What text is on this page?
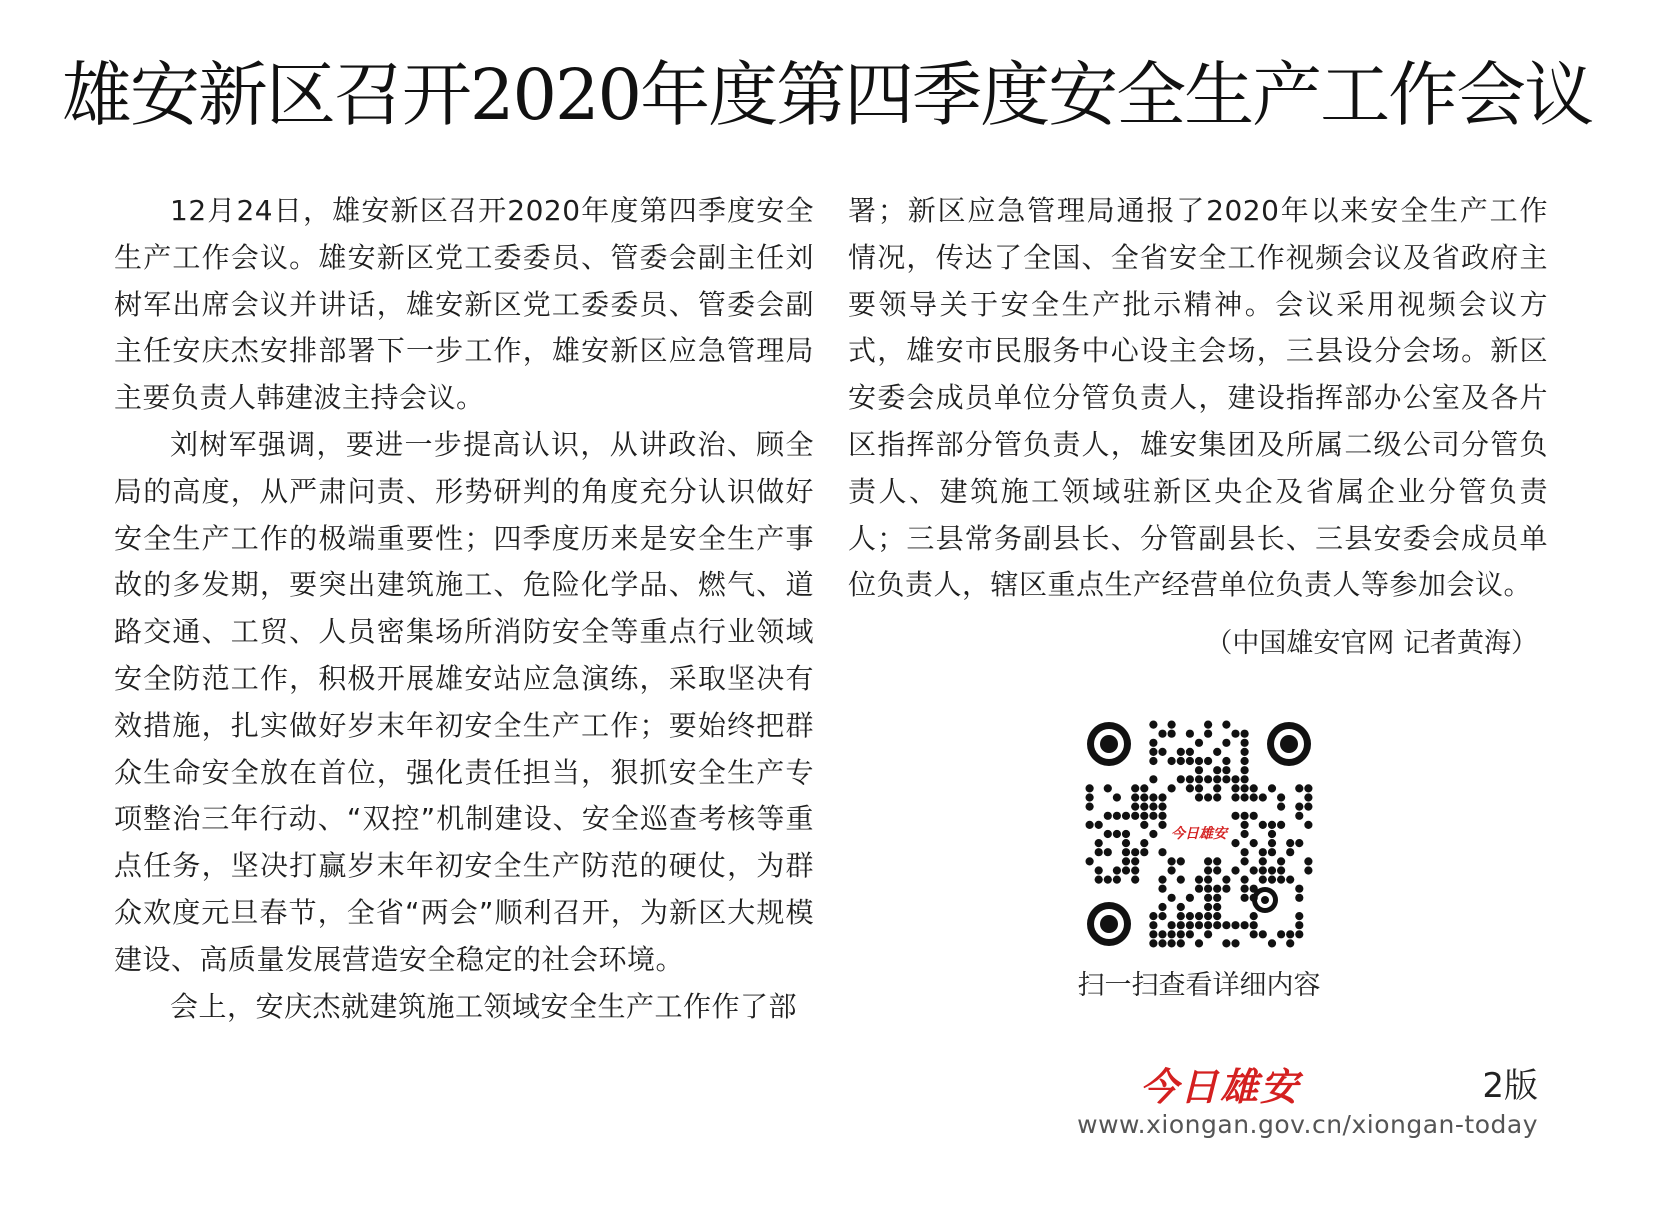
雄安新区召开2020年度第四季度安全生产工作会议

12月24日，雄安新区召开2020年度第四季度安全生产工作会议。雄安新区党工委委员、管委会副主任刘树军出席会议并讲话，雄安新区党工委委员、管委会副主任安庆杰安排部署下一步工作，雄安新区应急管理局主要负责人韩建波主持会议。

刘树军强调，要进一步提高认识，从讲政治、顾全局的高度，从严肃问责、形势研判的角度充分认识做好安全生产工作的极端重要性；四季度历来是安全生产事故的多发期，要突出建筑施工、危险化学品、燃气、道路交通、工贸、人员密集场所消防安全等重点行业领域安全防范工作，积极开展雄安站应急演练，采取坚决有效措施，扎实做好岁末年初安全生产工作；要始终把群众生命安全放在首位，强化责任担当，狠抓安全生产专项整治三年行动、“双控”机制建设、安全巡查考核等重点任务，坚决打赢岁末年初安全生产防范的硬仗，为群众欢度元旦春节，全省“两会”顺利召开，为新区大规模建设、高质量发展营造安全稳定的社会环境。

会上，安庆杰就建筑施工领域安全生产工作作了部

署；新区应急管理局通报了2020年以来安全生产工作情况，传达了全国、全省安全工作视频会议及省政府主要领导关于安全生产批示精神。会议采用视频会议方式，雄安市民服务中心设主会场，三县设分会场。新区安委会成员单位分管负责人，建设指挥部办公室及各片区指挥部分管负责人，雄安集团及所属二级公司分管负责人、建筑施工领域驻新区央企及省属企业分管负责人；三县常务副县长、分管副县长、三县安委会成员单位负责人，辖区重点生产经营单位负责人等参加会议。

（中国雄安官网 记者黄海）
今日雄安
扫一扫查看详细内容
今日雄安	2版
www.xiongan.gov.cn/xiongan-today
